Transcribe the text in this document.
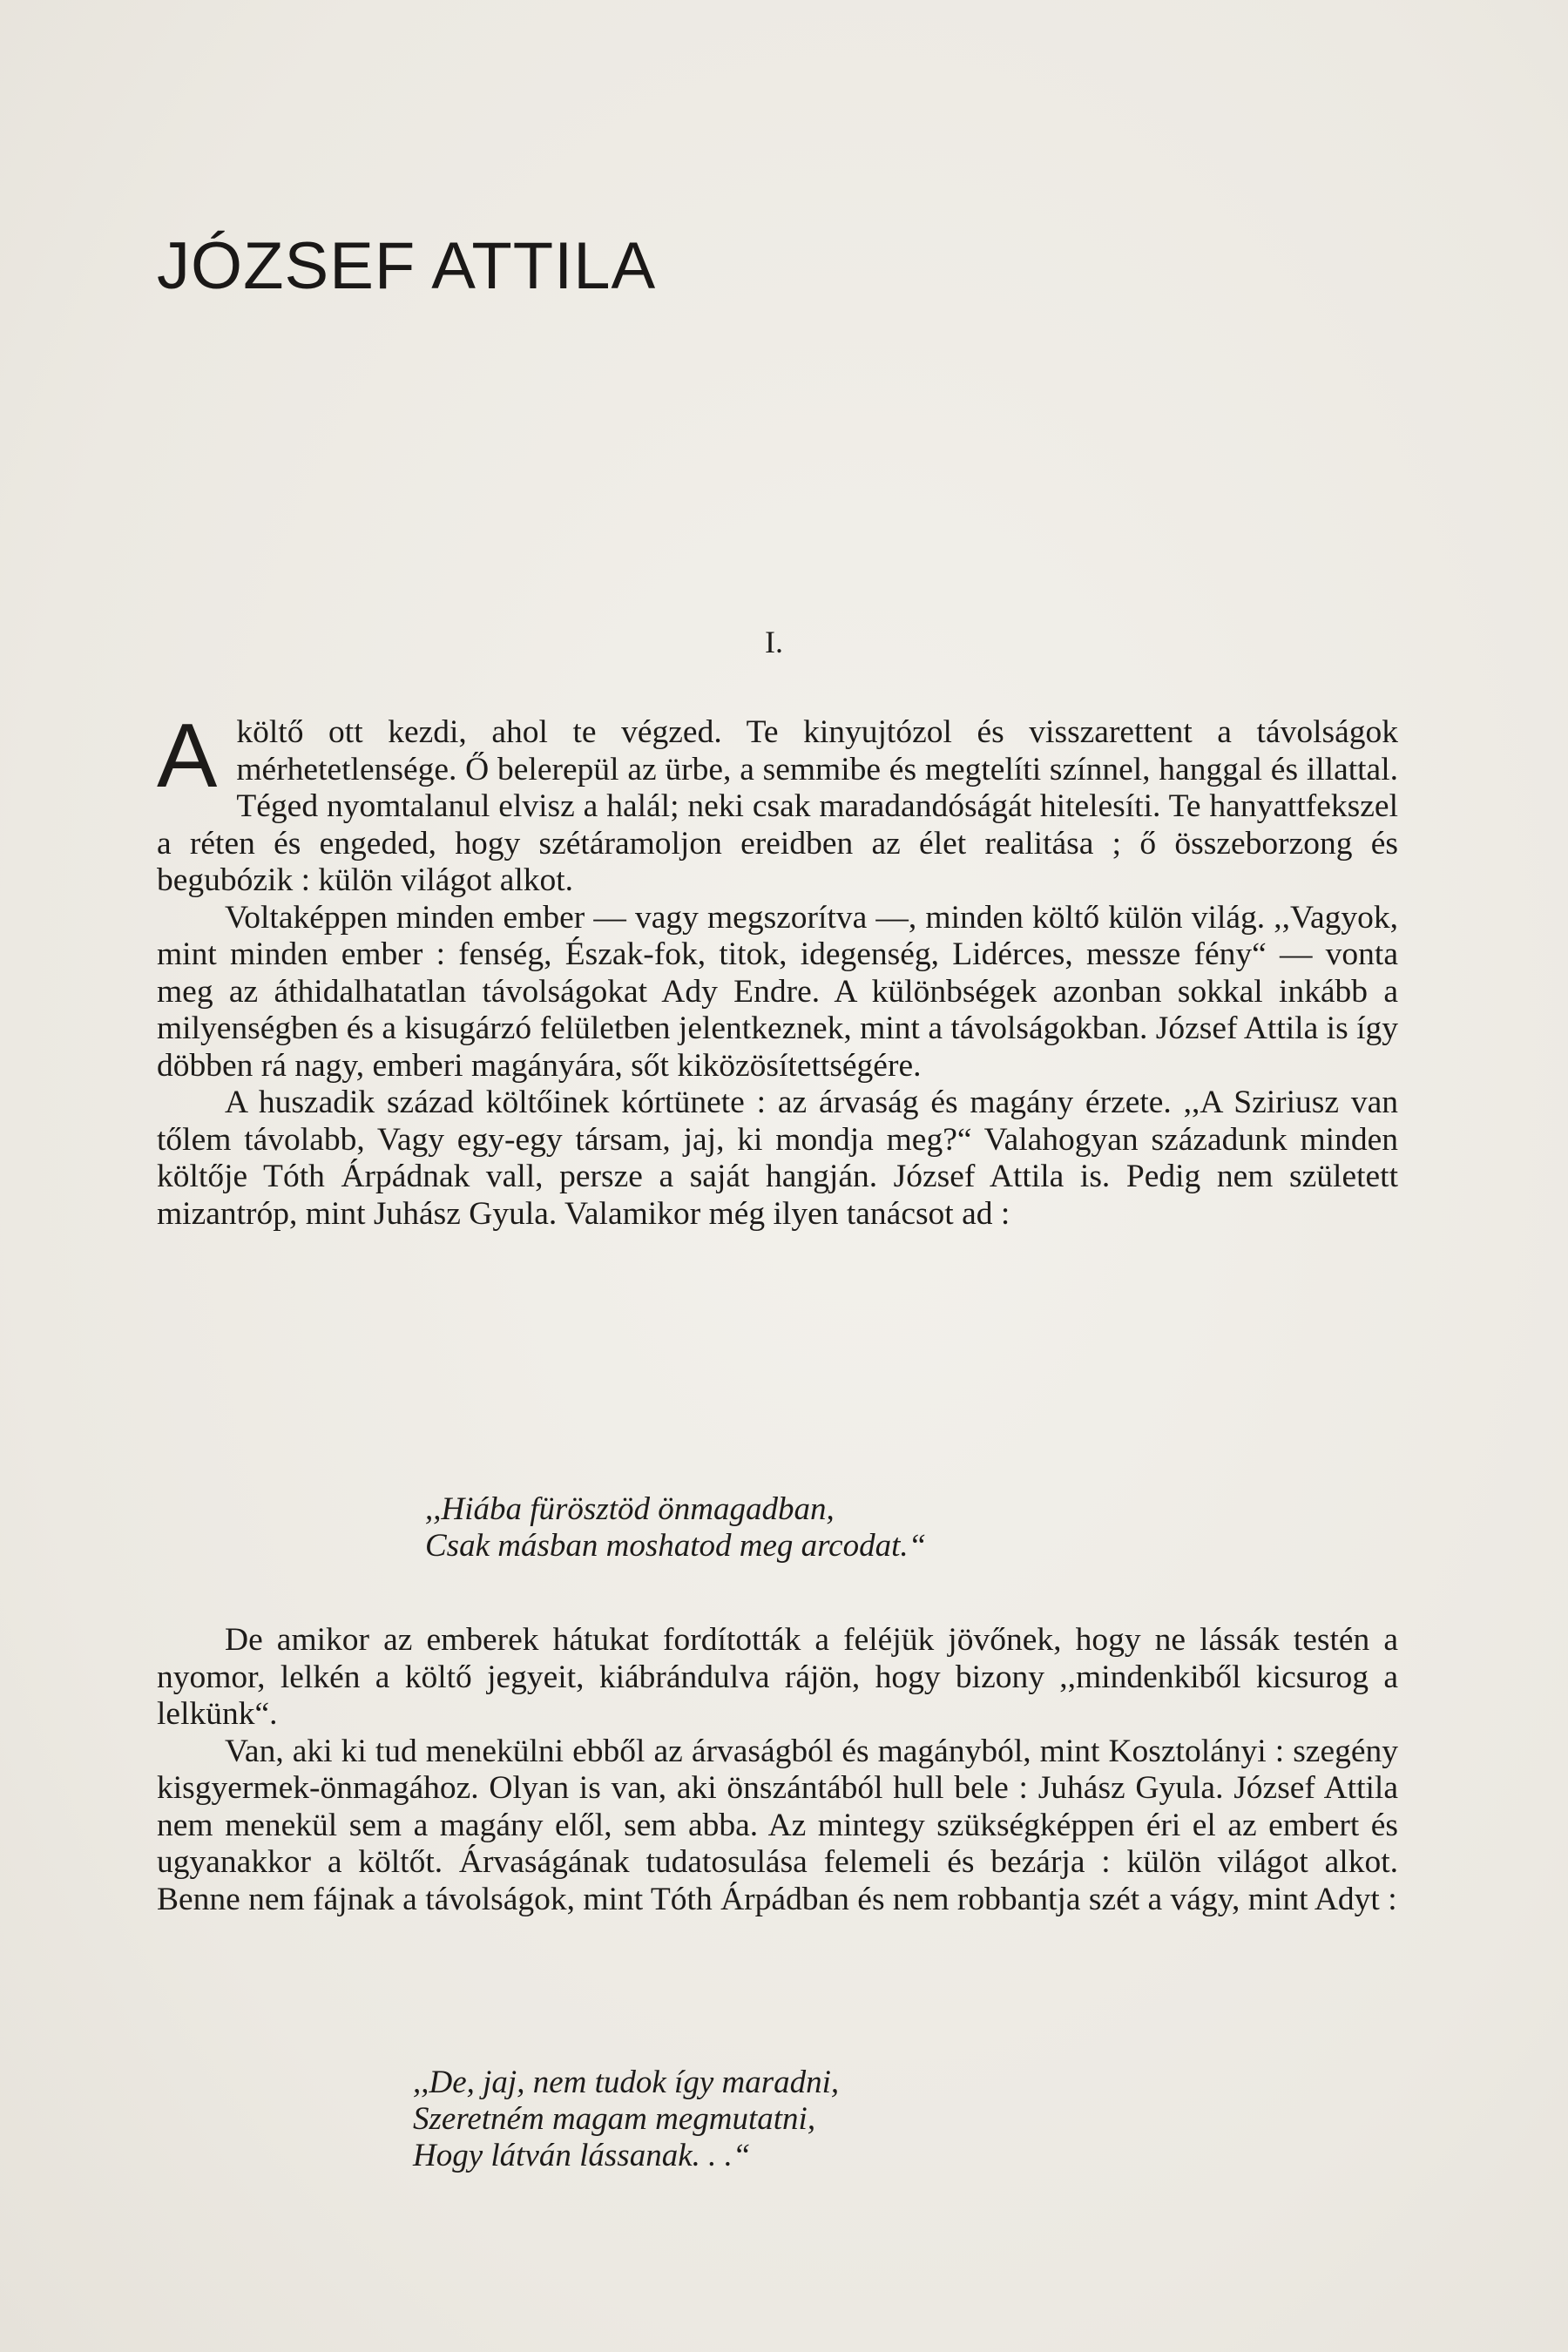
JÓZSEF ATTILA

I.

Aköltő ott kezdi, ahol te végzed. Te kinyujtózol és visszarettent a távolságok mérhetetlensége. Ő belerepül az ürbe, a semmibe és megtelíti színnel, hanggal és illattal. Téged nyomtalanul elvisz a halál; neki csak maradandóságát hitelesíti. Te hanyattfekszel a réten és engeded, hogy szétáramoljon ereidben az élet realitása ; ő összeborzong és begubózik : külön világot alkot.

Voltaképpen minden ember — vagy megszorítva —, minden költő külön világ. ,,Vagyok, mint minden ember : fenség, Észak-fok, titok, idegenség, Lidérces, messze fény“ — vonta meg az áthidalhatatlan távolságokat Ady Endre. A különbségek azonban sokkal inkább a milyenségben és a kisugárzó felületben jelentkeznek, mint a távolságokban. József Attila is így döbben rá nagy, emberi magányára, sőt kiközösítettségére.

A huszadik század költőinek kórtünete : az árvaság és magány érzete. ,,A Sziriusz van tőlem távolabb, Vagy egy-egy társam, jaj, ki mondja meg?“ Valahogyan századunk minden költője Tóth Árpádnak vall, persze a saját hangján. József Attila is. Pedig nem született mizantróp, mint Juhász Gyula. Valamikor még ilyen tanácsot ad :

,,Hiába fürösztöd önmagadban,
Csak másban moshatod meg arcodat.“

De amikor az emberek hátukat fordították a feléjük jövőnek, hogy ne lássák testén a nyomor, lelkén a költő jegyeit, kiábrándulva rájön, hogy bizony ,,mindenkiből kicsurog a lelkünk“.

Van, aki ki tud menekülni ebből az árvaságból és magányból, mint Kosztolányi : szegény kisgyermek-önmagához. Olyan is van, aki önszántából hull bele : Juhász Gyula. József Attila nem menekül sem a magány elől, sem abba. Az mintegy szükségképpen éri el az embert és ugyanakkor a költőt. Árvaságának tudatosulása felemeli és bezárja : külön világot alkot. Benne nem fájnak a távolságok, mint Tóth Árpádban és nem robbantja szét a vágy, mint Adyt :

,,De, jaj, nem tudok így maradni,
Szeretném magam megmutatni,
Hogy látván lássanak. . .“
